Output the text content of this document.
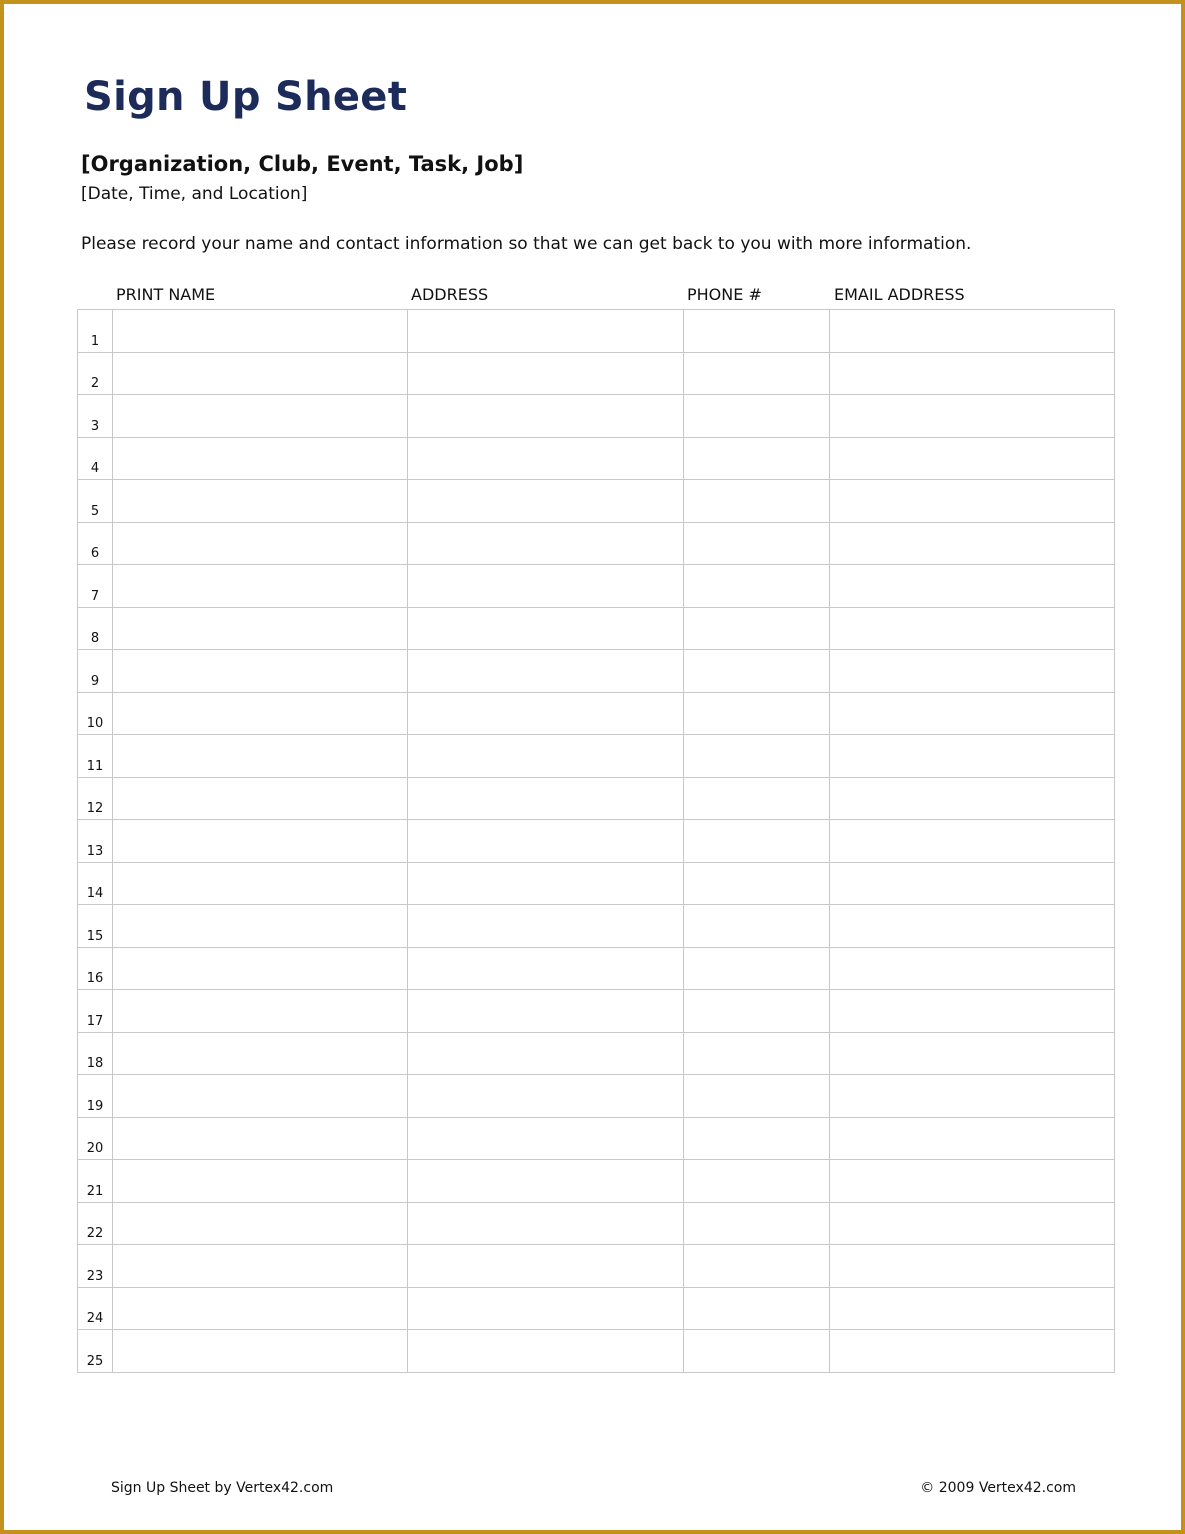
Sign Up Sheet
[Organization, Club, Event, Task, Job]
[Date, Time, and Location]
Please record your name and contact information so that we can get back to you with more information.
PRINT NAME	ADDRESS	PHONE #	EMAIL ADDRESS
1				
2				
3				
4				
5				
6				
7				
8				
9				
10				
11				
12				
13				
14				
15				
16				
17				
18				
19				
20				
21				
22				
23				
24				
25				
Sign Up Sheet by Vertex42.com	© 2009 Vertex42.com
